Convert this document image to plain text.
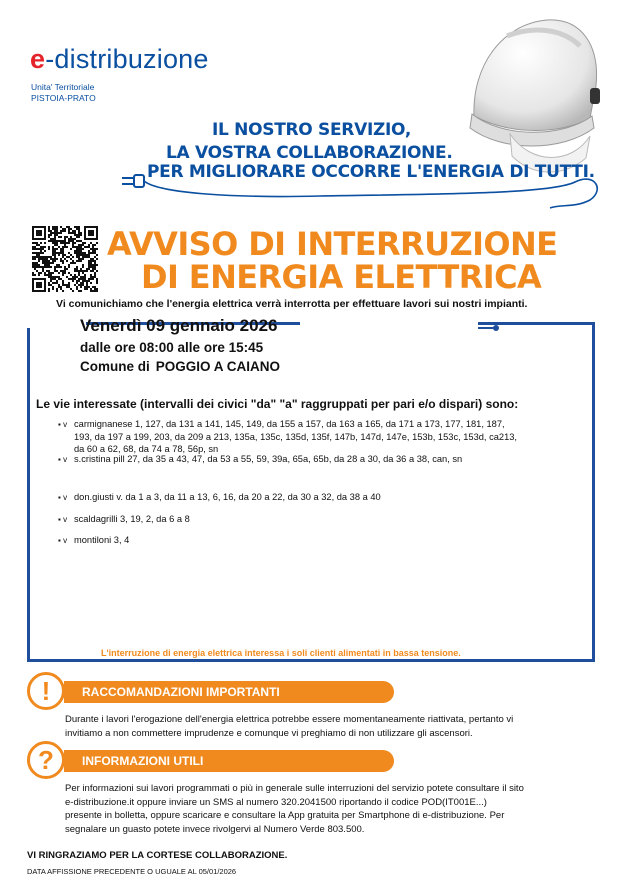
e-distribuzione
Unita' Territoriale
PISTOIA-PRATO
IL NOSTRO SERVIZIO,
LA VOSTRA COLLABORAZIONE.
PER MIGLIORARE OCCORRE L'ENERGIA DI TUTTI.
AVVISO DI INTERRUZIONE
DI ENERGIA ELETTRICA
Vi comunichiamo che l'energia elettrica verrà interrotta per effettuare lavori sui nostri impianti.
Venerdì 09 gennaio 2026
dalle ore 08:00 alle ore 15:45
Comune di POGGIO A CAIANO
Le vie interessate (intervalli dei civici "da" "a" raggruppati per pari e/o dispari) sono:
▪ v carmignanese 1, 127, da 131 a 141, 145, 149, da 155 a 157, da 163 a 165, da 171 a 173, 177, 181, 187,
193, da 197 a 199, 203, da 209 a 213, 135a, 135c, 135d, 135f, 147b, 147d, 147e, 153b, 153c, 153d, ca213,
da 60 a 62, 68, da 74 a 78, 56p, sn
▪ v s.cristina pill 27, da 35 a 43, 47, da 53 a 55, 59, 39a, 65a, 65b, da 28 a 30, da 36 a 38, can, sn
▪ v don.giusti v. da 1 a 3, da 11 a 13, 6, 16, da 20 a 22, da 30 a 32, da 38 a 40
▪ v scaldagrilli 3, 19, 2, da 6 a 8
▪ v montiloni 3, 4
L'interruzione di energia elettrica interessa i soli clienti alimentati in bassa tensione.
!	RACCOMANDAZIONI IMPORTANTI
Durante i lavori l'erogazione dell'energia elettrica potrebbe essere momentaneamente riattivata, pertanto vi
invitiamo a non commettere imprudenze e comunque vi preghiamo di non utilizzare gli ascensori.
?	INFORMAZIONI UTILI
Per informazioni sui lavori programmati o più in generale sulle interruzioni del servizio potete consultare il sito
e-distribuzione.it oppure inviare un SMS al numero 320.2041500 riportando il codice POD(IT001E...)
presente in bolletta, oppure scaricare e consultare la App gratuita per Smartphone di e-distribuzione. Per
segnalare un guasto potete invece rivolgervi al Numero Verde 803.500.
VI RINGRAZIAMO PER LA CORTESE COLLABORAZIONE.
DATA AFFISSIONE PRECEDENTE O UGUALE AL 05/01/2026
